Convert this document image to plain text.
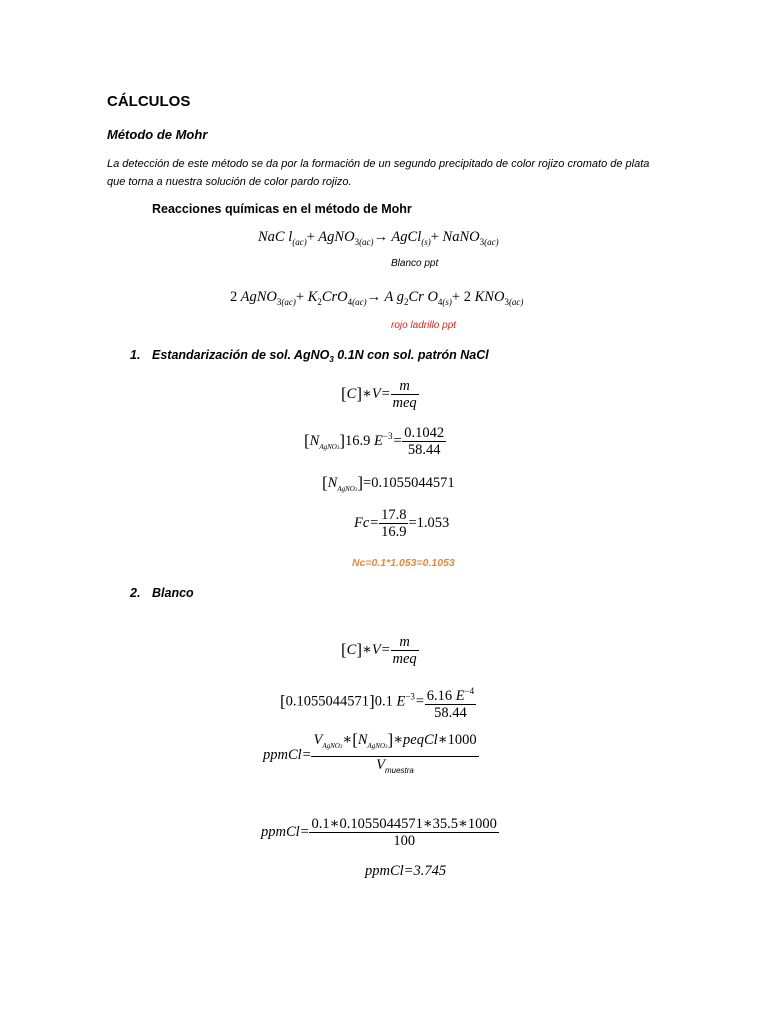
CÁLCULOS
Método de Mohr
La detección de este método se da por la formación de un segundo precipitado de color rojizo cromato de plata que torna a nuestra solución de color pardo rojizo.
Reacciones químicas en el método de Mohr
NaC $l_{(ac)}+$ AgNO$_{3(ac)}$→ AgCl$_{(s)}$+ NaNO$_{3(ac)}$
Blanco ppt
2 AgNO$_{3(ac)}$+ $K_2CrO_{4(ac)}\to A$ $g_2Cr$ $O_{4(s)}+ 2$ $KNO_{3(ac)}$
rojo ladrillo ppt
1. Estandarización de sol. AgNO$_3$ 0.1N con sol. patrón NaCl
[C]∗V= $\frac{m}{\text{meq}}$
$[N_{AgNO3}]16.9$ $E^{-3}= \frac{0.1042}{58.44}$
$[N_{AgNO3}]=0.1055044571$
$Fc= \frac{17.8}{16.9} =1.053$
Nc=0.1*1.053=0.1053
2. Blanco
[C]∗V= $\frac{m}{\text{meq}}$
[0.1055044571]0.1 $E^{-3}= \frac{6.16 E^{-4}}{58.44}$
ppmCl= $\frac{V_{AgNO3}∗[N_{AgNO3}]∗peqCl∗1000}{V_{muestra}}$
ppmCl= $\frac{0.1∗0.1055044571∗35.5∗1000}{100}$
ppmCl=3.745
